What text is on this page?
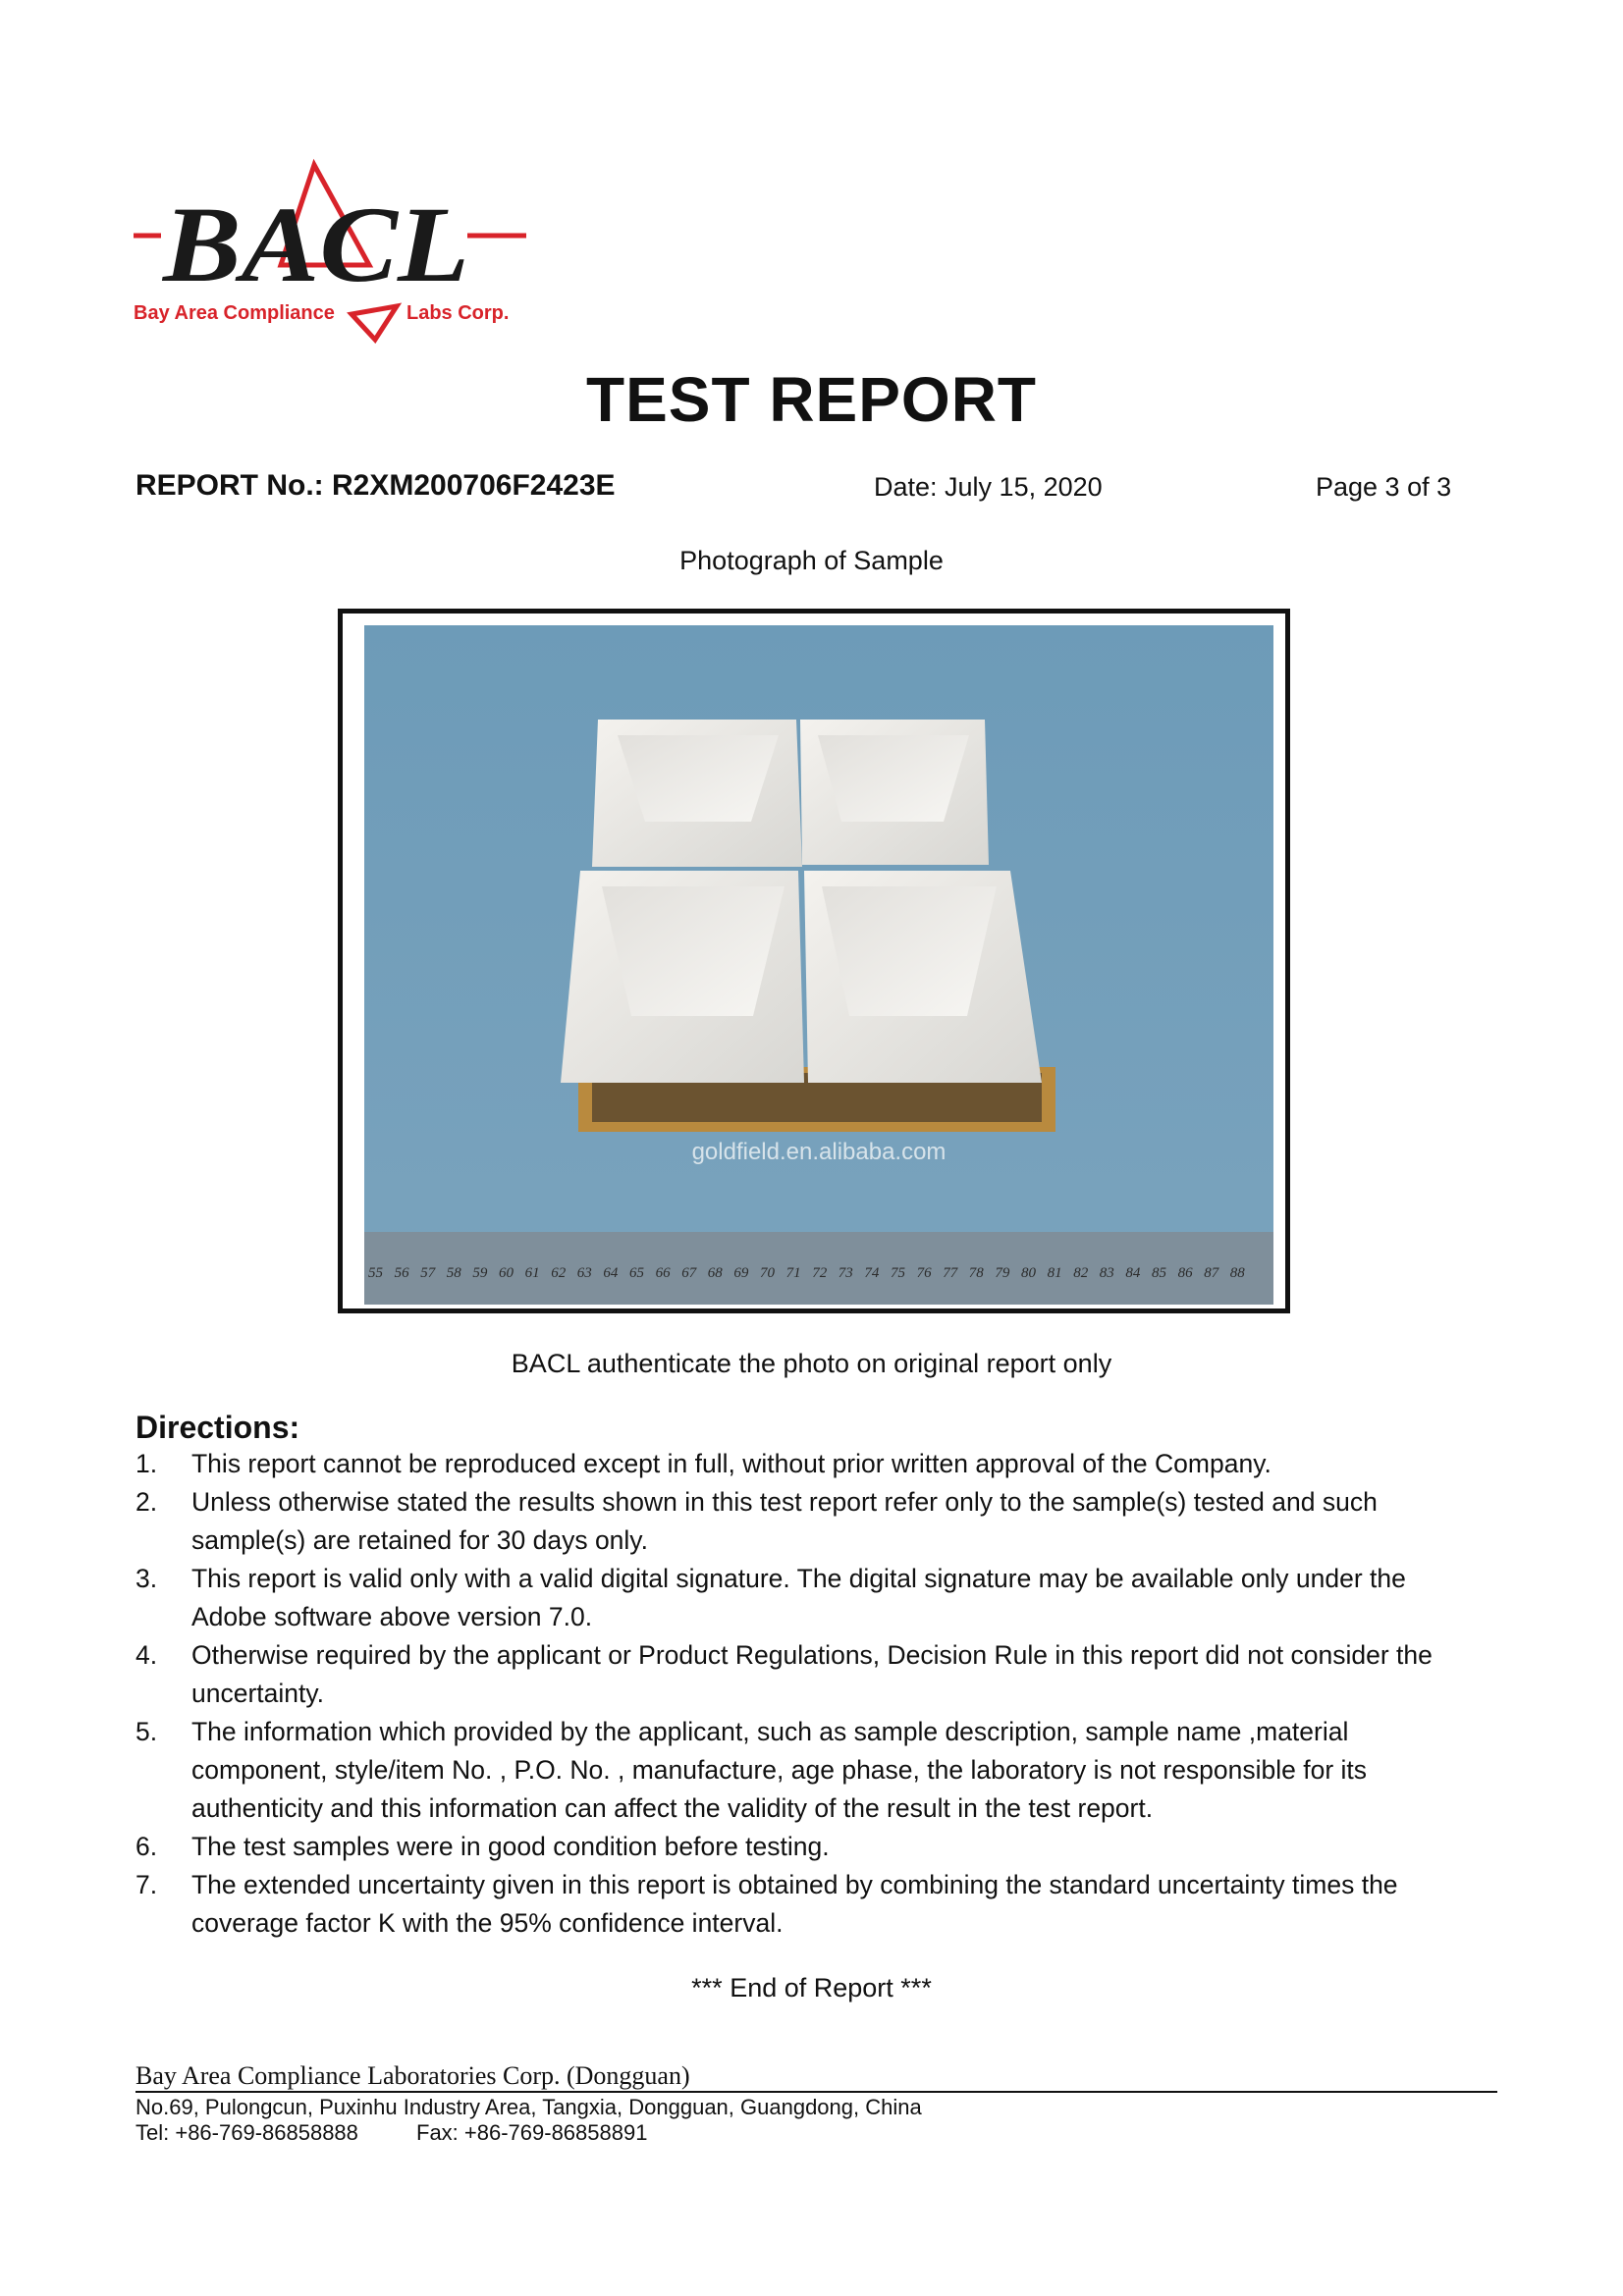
BACL
Bay Area Compliance	Labs Corp.
TEST REPORT
REPORT No.: R2XM200706F2423E	Date: July 15, 2020	Page 3 of 3
Photograph of Sample
goldfield.en.alibaba.com
55 56 57 58 59 60 61 62 63 64 65 66 67 68 69 70 71 72 73 74 75 76 77 78 79 80 81 82 83 84 85 86 87 88
BACL authenticate the photo on original report only
Directions:
1. This report cannot be reproduced except in full, without prior written approval of the Company.
2. Unless otherwise stated the results shown in this test report refer only to the sample(s) tested and such
sample(s) are retained for 30 days only.
3. This report is valid only with a valid digital signature. The digital signature may be available only under the
Adobe software above version 7.0.
4. Otherwise required by the applicant or Product Regulations, Decision Rule in this report did not consider the
uncertainty.
5. The information which provided by the applicant, such as sample description, sample name ,material
component, style/item No. , P.O. No. , manufacture, age phase, the laboratory is not responsible for its
authenticity and this information can affect the validity of the result in the test report.
6. The test samples were in good condition before testing.
7. The extended uncertainty given in this report is obtained by combining the standard uncertainty times the
coverage factor K with the 95% confidence interval.
*** End of Report ***
Bay Area Compliance Laboratories Corp. (Dongguan)
No.69, Pulongcun, Puxinhu Industry Area, Tangxia, Dongguan, Guangdong, China
Tel: +86-769-86858888	Fax: +86-769-86858891
